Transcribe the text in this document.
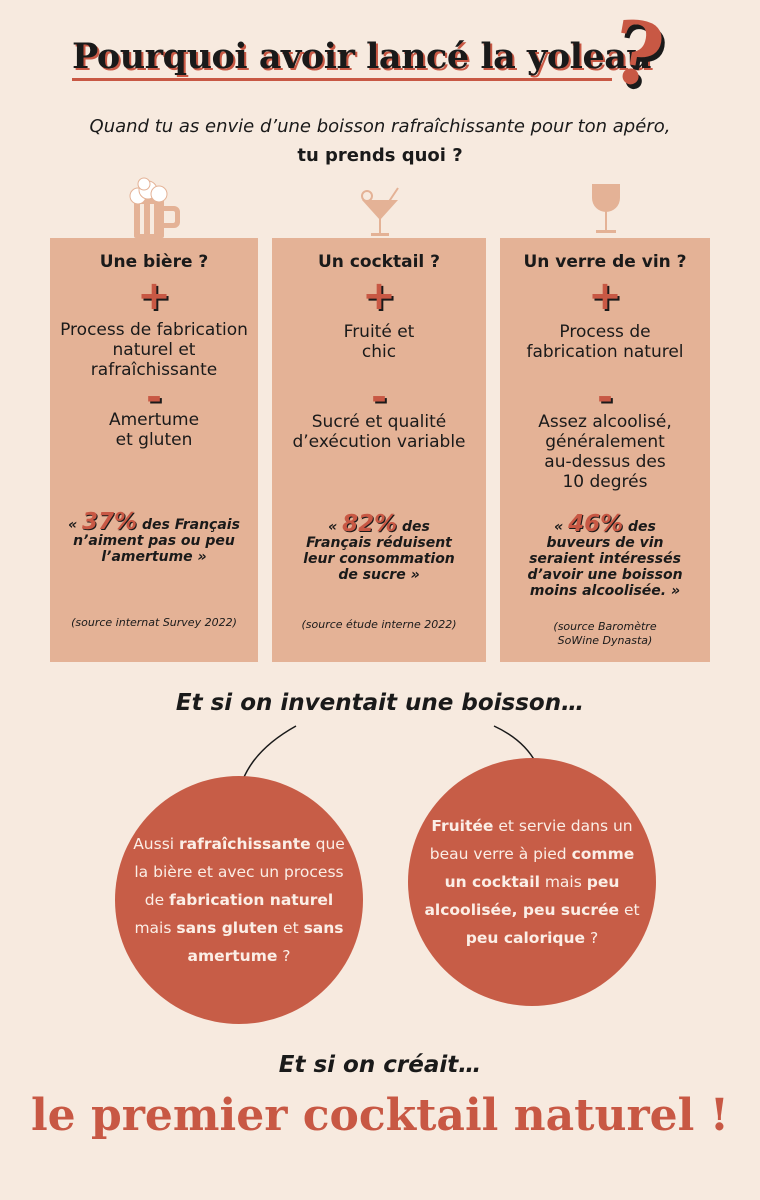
Pourquoi avoir lancé la yoleau
?
Quand tu as envie d’une boisson rafraîchissante pour ton apéro,
tu prends quoi ?
Une bière ?
+
Process de fabrication naturel et rafraîchissante
-
Amertume et gluten
« 37% des Français n’aiment pas ou peu l’amertume »
(source internat Survey 2022)
Un cocktail ?
+
Fruité et chic
-
Sucré et qualité d’exécution variable
« 82% des Français réduisent leur consommation de sucre »
(source étude interne 2022)
Un verre de vin ?
+
Process de fabrication naturel
-
Assez alcoolisé, généralement au-dessus des 10 degrés
« 46% des buveurs de vin seraient intéressés d’avoir une boisson moins alcoolisée. »
(source Baromètre SoWine Dynasta)
Et si on inventait une boisson…
Aussi rafraîchissante que la bière et avec un process de fabrication naturel mais sans gluten et sans amertume ?
Fruitée et servie dans un beau verre à pied comme un cocktail mais peu alcoolisée, peu sucrée et peu calorique ?
Et si on créait…
le premier cocktail naturel !
